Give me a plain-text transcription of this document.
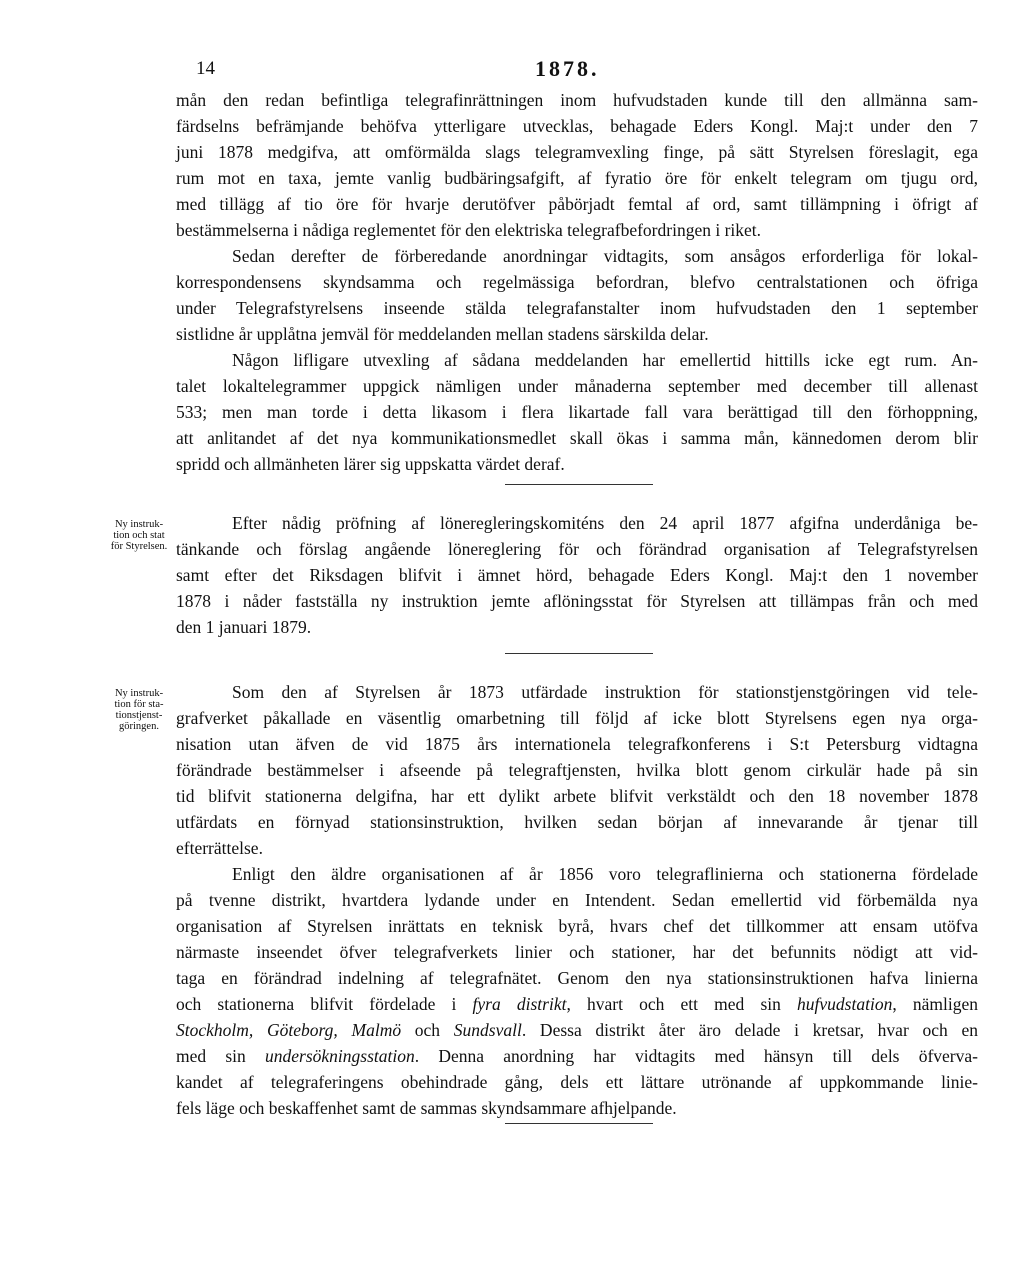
14	1878.
mån den redan befintliga telegrafinrättningen inom hufvudstaden kunde till den allmänna sam-
färdselns befrämjande behöfva ytterligare utvecklas, behagade Eders Kongl. Maj:t under den 7
juni 1878 medgifva, att omförmälda slags telegramvexling finge, på sätt Styrelsen föreslagit, ega
rum mot en taxa, jemte vanlig budbäringsafgift, af fyratio öre för enkelt telegram om tjugu ord,
med tillägg af tio öre för hvarje derutöfver påbörjadt femtal af ord, samt tillämpning i öfrigt af
bestämmelserna i nådiga reglementet för den elektriska telegrafbefordringen i riket.
Sedan derefter de förberedande anordningar vidtagits, som ansågos erforderliga för lokal-
korrespondensens skyndsamma och regelmässiga befordran, blefvo centralstationen och öfriga
under Telegrafstyrelsens inseende stälda telegrafanstalter inom hufvudstaden den 1 september
sistlidne år upplåtna jemväl för meddelanden mellan stadens särskilda delar.
Någon lifligare utvexling af sådana meddelanden har emellertid hittills icke egt rum. An-
talet lokaltelegrammer uppgick nämligen under månaderna september med december till allenast
533; men man torde i detta likasom i flera likartade fall vara berättigad till den förhoppning,
att anlitandet af det nya kommunikationsmedlet skall ökas i samma mån, kännedomen derom blir
spridd och allmänheten lärer sig uppskatta värdet deraf.
Ny instruk-
tion och stat
för Styrelsen.
Efter nådig pröfning af löneregleringskomiténs den 24 april 1877 afgifna underdåniga be-
tänkande och förslag angående lönereglering för och förändrad organisation af Telegrafstyrelsen
samt efter det Riksdagen blifvit i ämnet hörd, behagade Eders Kongl. Maj:t den 1 november
1878 i nåder fastställa ny instruktion jemte aflöningsstat för Styrelsen att tillämpas från och med
den 1 januari 1879.
Ny instruk-
tion för sta-
tionstjenst-
göringen.
Som den af Styrelsen år 1873 utfärdade instruktion för stationstjenstgöringen vid tele-
grafverket påkallade en väsentlig omarbetning till följd af icke blott Styrelsens egen nya orga-
nisation utan äfven de vid 1875 års internationela telegrafkonferens i S:t Petersburg vidtagna
förändrade bestämmelser i afseende på telegraftjensten, hvilka blott genom cirkulär hade på sin
tid blifvit stationerna delgifna, har ett dylikt arbete blifvit verkstäldt och den 18 november 1878
utfärdats en förnyad stationsinstruktion, hvilken sedan början af innevarande år tjenar till
efterrättelse.
Enligt den äldre organisationen af år 1856 voro telegraflinierna och stationerna fördelade
på tvenne distrikt, hvartdera lydande under en Intendent. Sedan emellertid vid förbemälda nya
organisation af Styrelsen inrättats en teknisk byrå, hvars chef det tillkommer att ensam utöfva
närmaste inseendet öfver telegrafverkets linier och stationer, har det befunnits nödigt att vid-
taga en förändrad indelning af telegrafnätet. Genom den nya stationsinstruktionen hafva linierna
och stationerna blifvit fördelade i fyra distrikt, hvart och ett med sin hufvudstation, nämligen
Stockholm, Göteborg, Malmö och Sundsvall. Dessa distrikt åter äro delade i kretsar, hvar och en
med sin undersökningsstation. Denna anordning har vidtagits med hänsyn till dels öfverva-
kandet af telegraferingens obehindrade gång, dels ett lättare utrönande af uppkommande linie-
fels läge och beskaffenhet samt de sammas skyndsammare afhjelpande.
